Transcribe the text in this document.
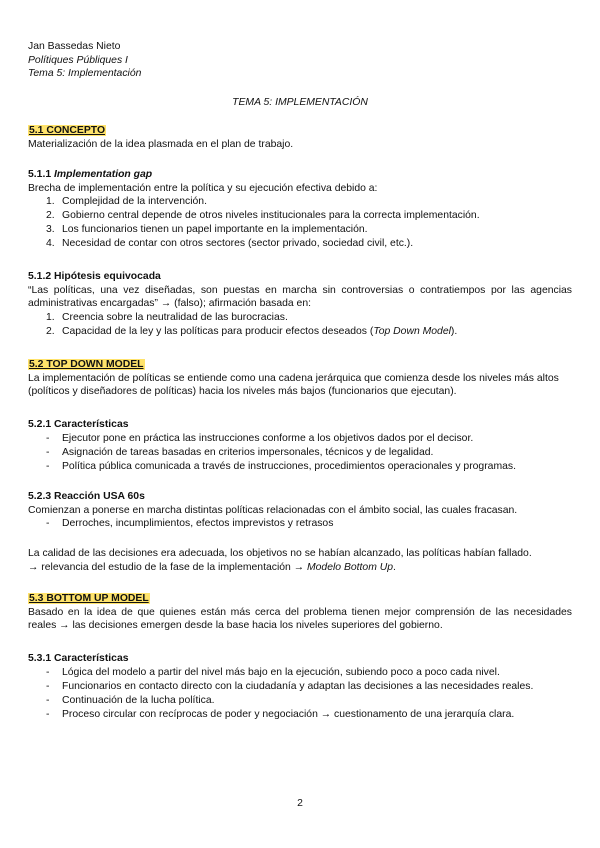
Jan Bassedas Nieto
Polítiques Públiques I
Tema 5: Implementación
TEMA 5: IMPLEMENTACIÓN

5.1 CONCEPTO

Materialización de la idea plasmada en el plan de trabajo.

5.1.1 Implementation gap

Brecha de implementación entre la política y su ejecución efectiva debido a:

1. Complejidad de la intervención.
2. Gobierno central depende de otros niveles institucionales para la correcta implementación.
3. Los funcionarios tienen un papel importante en la implementación.
4. Necesidad de contar con otros sectores (sector privado, sociedad civil, etc.).

5.1.2 Hipótesis equivocada

“Las políticas, una vez diseñadas, son puestas en marcha sin controversias o contratiempos por las agencias administrativas encargadas” → (falso); afirmación basada en:

1. Creencia sobre la neutralidad de las burocracias.
2. Capacidad de la ley y las políticas para producir efectos deseados (Top Down Model).

5.2 TOP DOWN MODEL

La implementación de políticas se entiende como una cadena jerárquica que comienza desde los niveles más altos (políticos y diseñadores de políticas) hacia los niveles más bajos (funcionarios que ejecutan).

5.2.1 Características

- Ejecutor pone en práctica las instrucciones conforme a los objetivos dados por el decisor.
- Asignación de tareas basadas en criterios impersonales, técnicos y de legalidad.
- Política pública comunicada a través de instrucciones, procedimientos operacionales y programas.

5.2.3 Reacción USA 60s

Comienzan a ponerse en marcha distintas políticas relacionadas con el ámbito social, las cuales fracasan.

- Derroches, incumplimientos, efectos imprevistos y retrasos

La calidad de las decisiones era adecuada, los objetivos no se habían alcanzado, las políticas habían fallado.

→ relevancia del estudio de la fase de la implementación → Modelo Bottom Up.

5.3 BOTTOM UP MODEL

Basado en la idea de que quienes están más cerca del problema tienen mejor comprensión de las necesidades reales → las decisiones emergen desde la base hacia los niveles superiores del gobierno.

5.3.1 Características

- Lógica del modelo a partir del nivel más bajo en la ejecución, subiendo poco a poco cada nivel.
- Funcionarios en contacto directo con la ciudadanía y adaptan las decisiones a las necesidades reales.
- Continuación de la lucha política.
- Proceso circular con recíprocas de poder y negociación → cuestionamento de una jerarquía clara.
2
